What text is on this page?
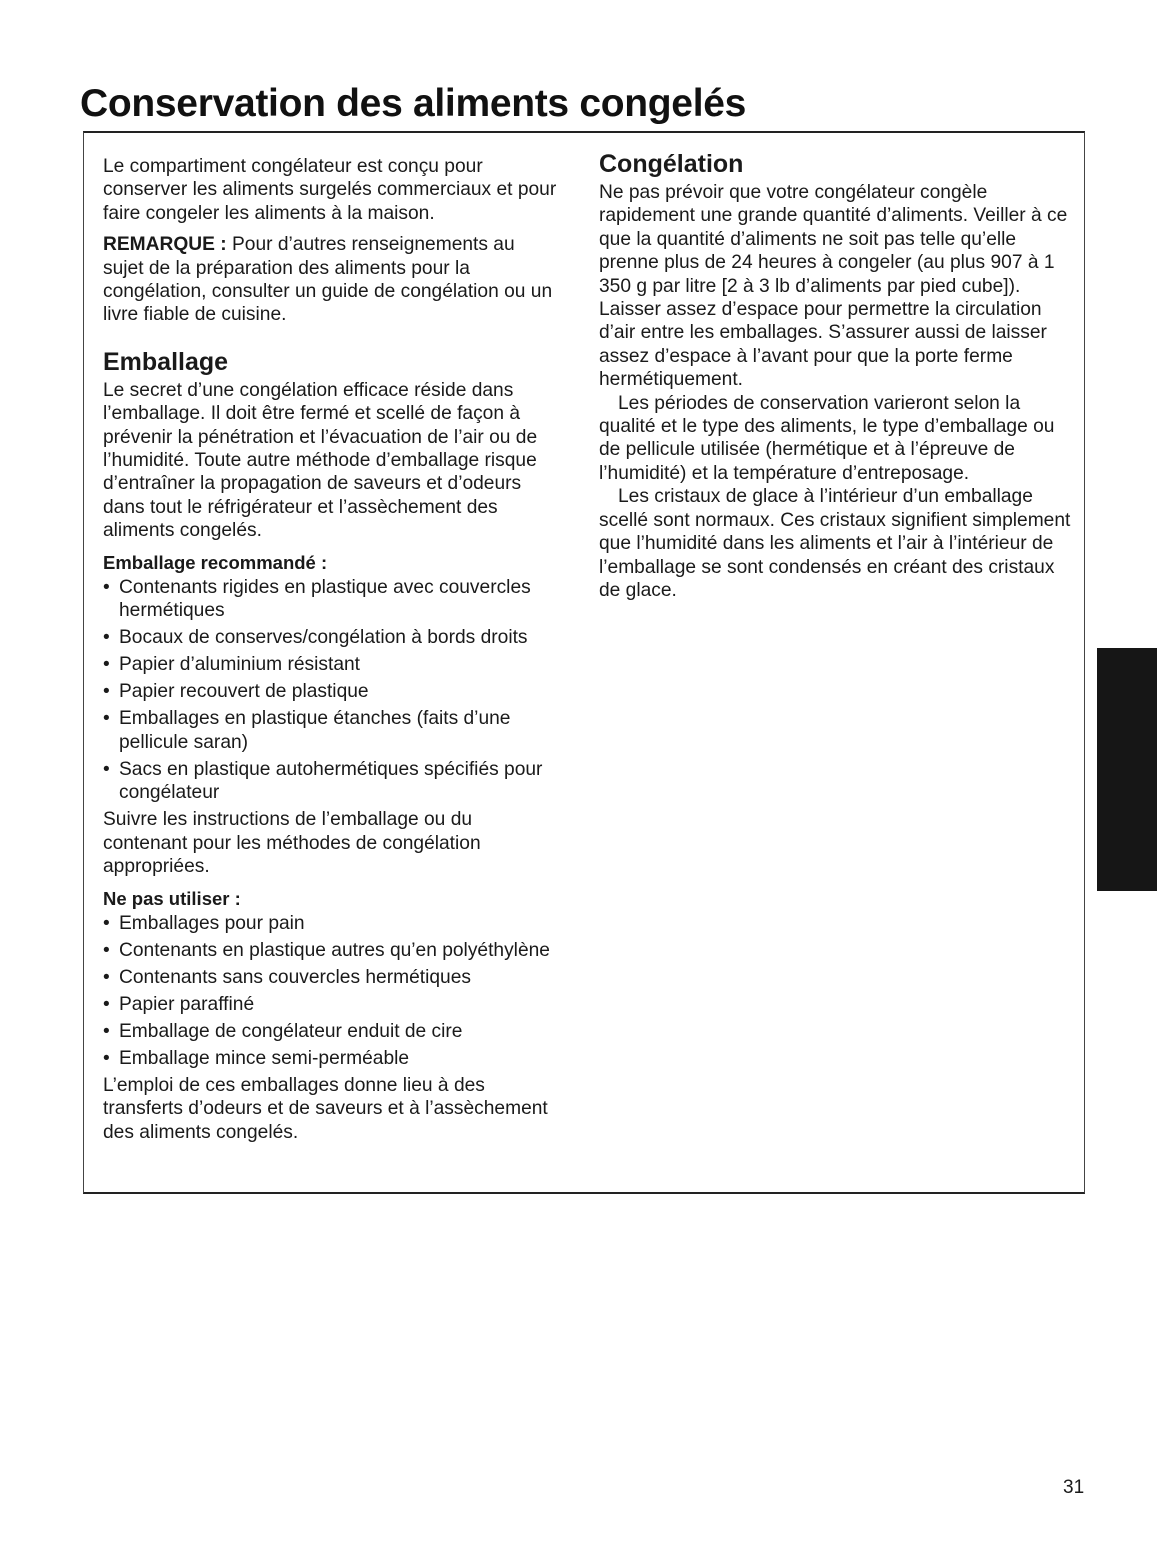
Conservation des aliments congelés

Le compartiment congélateur est conçu pour conserver les aliments surgelés commerciaux et pour faire congeler les aliments à la maison.

REMARQUE : Pour d’autres renseignements au sujet de la préparation des aliments pour la congélation, consulter un guide de congélation ou un livre fiable de cuisine.

Emballage

Le secret d’une congélation efficace réside dans l’emballage. Il doit être fermé et scellé de façon à prévenir la pénétration et l’évacuation de l’air ou de l’humidité. Toute autre méthode d’emballage risque d’entraîner la propagation de saveurs et d’odeurs dans tout le réfrigérateur et l’assèchement des aliments congelés.

Emballage recommandé :
• Contenants rigides en plastique avec couvercles hermétiques
• Bocaux de conserves/congélation à bords droits
• Papier d’aluminium résistant
• Papier recouvert de plastique
• Emballages en plastique étanches (faits d’une pellicule saran)
• Sacs en plastique autohermétiques spécifiés pour congélateur

Suivre les instructions de l’emballage ou du contenant pour les méthodes de congélation appropriées.

Ne pas utiliser :
• Emballages pour pain
• Contenants en plastique autres qu’en polyéthylène
• Contenants sans couvercles hermétiques
• Papier paraffiné
• Emballage de congélateur enduit de cire
• Emballage mince semi-perméable

L’emploi de ces emballages donne lieu à des transferts d’odeurs et de saveurs et à l’assèchement des aliments congelés.

Congélation

Ne pas prévoir que votre congélateur congèle rapidement une grande quantité d’aliments. Veiller à ce que la quantité d’aliments ne soit pas telle qu’elle prenne plus de 24 heures à congeler (au plus 907 à 1 350 g par litre [2 à 3 lb d’aliments par pied cube]). Laisser assez d’espace pour permettre la circulation d’air entre les emballages. S’assurer aussi de laisser assez d’espace à l’avant pour que la porte ferme hermétiquement.

Les périodes de conservation varieront selon la qualité et le type des aliments, le type d’emballage ou de pellicule utilisée (hermétique et à l’épreuve de l’humidité) et la température d’entreposage.

Les cristaux de glace à l’intérieur d’un emballage scellé sont normaux. Ces cristaux signifient simplement que l’humidité dans les aliments et l’air à l’intérieur de l’emballage se sont condensés en créant des cristaux de glace.

31
